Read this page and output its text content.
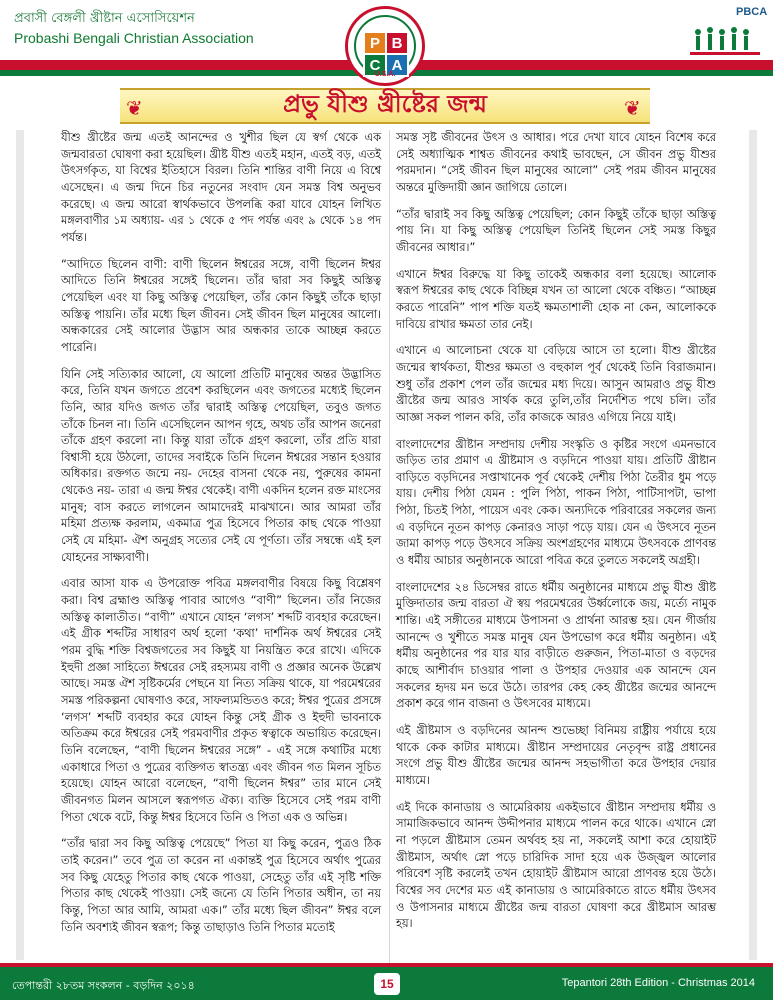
প্রবাসী বেঙ্গলী খ্রীষ্টান এসোসিয়েশন
Probashi Bengali Christian Association
PBCA
P B
C A
U.S.A.
প্রভু যীশু খ্রীষ্টের জন্ম
❦	❦

যীশু খ্রীষ্টের জন্ম এতই আনন্দের ও খুশীর ছিল যে স্বর্গ থেকে এক জন্মবারতা ঘোষণা করা হয়েছিল। খ্রীষ্ট যীশু এতই মহান, এতই বড়, এতই উৎসর্গকৃত, যা বিশ্বের ইতিহাসে বিরল। তিনি শান্তির বাণী নিয়ে এ বিশ্বে এসেছেন। এ জন্ম দিনে চির নতুনের সংবাদ যেন সমস্ত বিশ্ব অনুভব করেছে। এ জন্ম আরো স্বার্থকভাবে উপলব্ধি করা যাবে যোহন লিখিত মঙ্গলবাণীর ১ম অধ্যায়- এর ১ থেকে ৫ পদ পর্যন্ত এবং ৯ থেকে ১৪ পদ পর্যন্ত।

“আদিতে ছিলেন বাণী: বাণী ছিলেন ঈশ্বরের সঙ্গে, বাণী ছিলেন ঈশ্বর আদিতে তিনি ঈশ্বরের সঙ্গেই ছিলেন। তাঁর দ্বারা সব কিছুই অস্তিত্ব পেয়েছিল এবং যা কিছু অস্তিত্ব পেয়েছিল, তাঁর কোন কিছুই তাঁকে ছাড়া অস্তিত্ব পায়নি। তাঁর মধ্যে ছিল জীবন। সেই জীবন ছিল মানুষের আলো। অন্ধকারের সেই আলোর উদ্ভাস আর অন্ধকার তাকে আচ্ছন্ন করতে পারেনি।

যিনি সেই সত্যিকার আলো, যে আলো প্রতিটি মানুষের অন্তর উদ্ভাসিত করে, তিনি যখন জগতে প্রবেশ করছিলেন এবং জগতের মধ্যেই ছিলেন তিনি, আর যদিও জগত তাঁর দ্বারাই অস্তিত্ব পেয়েছিল, তবুও জগত তাঁকে চিনল না। তিনি এসেছিলেন আপন গৃহে, অথচ তাঁর আপন জনেরা তাঁকে গ্রহণ করলো না। কিন্তু যারা তাঁকে গ্রহণ করলো, তাঁর প্রতি যারা বিশ্বাসী হয়ে উঠলো, তাদের সবাইকে তিনি দিলেন ঈশ্বরের সন্তান হওয়ার অধিকার। রক্তগত জন্মে নয়- দেহের বাসনা থেকে নয়, পুরুষের কামনা থেকেও নয়- তারা এ জন্ম ঈশ্বর থেকেই। বাণী একদিন হলেন রক্ত মাংসের মানুষ; বাস করতে লাগলেন আমাদেরই মাঝখানে। আর আমরা তাঁর মহিমা প্রত্যক্ষ করলাম, একমাত্র পুত্র হিসেবে পিতার কাছ থেকে পাওয়া সেই যে মহিমা- ঐশ অনুগ্রহ সত্যের সেই যে পূর্ণতা। তাঁর সম্বন্ধে এই হল যোহনের সাক্ষ্যবাণী।

এবার আসা যাক এ উপরোক্ত পবিত্র মঙ্গলবাণীর বিষয়ে কিছু বিশ্লেষণ করা। বিশ্ব ব্রহ্মাণ্ড অস্তিত্ব পাবার আগেও “বাণী” ছিলেন। তাঁর নিজের অস্তিত্ব কালাতীত। “বাণী” এখানে যোহন ‘লগস’ শব্দটি ব্যবহার করেছেন। এই গ্রীক শব্দটির সাধারণ অর্থ হলো ‘কথা’ দার্শনিক অর্থ ঈশ্বরের সেই পরম বুদ্ধি শক্তি বিশ্বজগতের সব কিছুই যা নিয়ন্ত্রিত করে রাখে। এদিকে ইহুদী প্রজ্ঞা সাহিত্যে ঈশ্বরের সেই রহস্যময় বাণী ও প্রজ্ঞার অনেক উল্লেখ আছে। সমস্ত ঐশ সৃষ্টিকর্মের পেছনে যা নিত্য সক্রিয় থাকে, যা পরমেশ্বরের সমস্ত পরিকল্পনা ঘোষণাও করে, সাফল্যমন্ডিতও করে; ঈশ্বর পুত্রের প্রসঙ্গে ‘লগস’ শব্দটি ব্যবহার করে যোহন কিন্তু সেই গ্রীক ও ইহুদী ভাবনাকে অতিক্রম করে ঈশ্বরের সেই পরমবাণীর প্রকৃত স্বত্বাকে অভায়িত করেছেন। তিনি বলেছেন, “বাণী ছিলেন ঈশ্বরের সঙ্গে” - এই সঙ্গে কথাটির মধ্যে একাধারে পিতা ও পুত্রের ব্যক্তিগত স্বাতন্ত্র্য এবং জীবন গত মিলন সূচিত হয়েছে। যোহন আরো বলেছেন, “বাণী ছিলেন ঈশ্বর” তার মানে সেই জীবনগত মিলন আসলে স্বরূপগত ঐক্য। ব্যক্তি হিসেবে সেই পরম বাণী পিতা থেকে বটে, কিন্তু ঈশ্বর হিসেবে তিনি ও পিতা এক ও অভিন্ন।

“তাঁর দ্বারা সব কিছু অস্তিত্ব পেয়েছে” পিতা যা কিছু করেন, পুত্রও ঠিক তাই করেন।” তবে পুত্র তা করেন না একান্তই পুত্র হিসেবে অর্থাৎ পুত্রের সব কিছু যেহেতু পিতার কাছ থেকে পাওয়া, সেহেতু তাঁর এই সৃষ্টি শক্তি পিতার কাছ থেকেই পাওয়া। সেই জন্যে যে তিনি পিতার অধীন, তা নয় কিন্তু, পিতা আর আমি, আমরা এক।” তাঁর মধ্যে ছিল জীবন” ঈশ্বর বলে তিনি অবশ্যই জীবন স্বরূপ; কিন্তু তাছাড়াও তিনি পিতার মতোই

সমস্ত সৃষ্ট জীবনের উৎস ও আধার। পরে দেখা যাবে যোহন বিশেষ করে সেই অধ্যাত্মিক শাশ্বত জীবনের কথাই ভাবছেন, সে জীবন প্রভু যীশুর পরমদান। “সেই জীবন ছিল মানুষের আলো” সেই পরম জীবন মানুষের অন্তরে মুক্তিদায়ী জ্ঞান জাগিয়ে তোলে।

“তাঁর দ্বারাই সব কিছু অস্তিত্ব পেয়েছিল; কোন কিছুই তাঁকে ছাড়া অস্তিত্ব পায় নি। যা কিছু অস্তিত্ব পেয়েছিল তিনিই ছিলেন সেই সমস্ত কিছুর জীবনের আধার।”

এখানে ঈশ্বর বিরুদ্ধে যা কিছু তাকেই অন্ধকার বলা হয়েছে। আলোক স্বরূপ ঈশ্বরের কাছ থেকে বিচ্ছিন্ন যখন তা আলো থেকে বঞ্চিত। “আচ্ছন্ন করতে পারেনি” পাপ শক্তি যতই ক্ষমতাশালী হোক না কেন, আলোককে দাবিয়ে রাখার ক্ষমতা তার নেই।

এখানে এ আলোচনা থেকে যা বেড়িয়ে আসে তা হলো। যীশু খ্রীষ্টের জন্মের স্বার্থকতা, যীশুর ক্ষমতা ও বহুকাল পূর্ব থেকেই তিনি বিরাজমান। শুধু তাঁর প্রকাশ পেল তাঁর জন্মের মধ্য দিয়ে। আসুন আমরাও প্রভু যীশু খ্রীষ্টের জন্ম আরও সার্থক করে তুলি,তাঁর নির্দেশিত পথে চলি। তাঁর আজ্ঞা সকল পালন করি, তাঁর কাজকে আরও এগিয়ে নিয়ে যাই।

বাংলাদেশের খ্রীষ্টান সম্প্রদায় দেশীয় সংস্কৃতি ও কৃষ্টির সংগে এমনভাবে জড়িত তার প্রমাণ এ খ্রীষ্টমাস ও বড়দিনে পাওয়া যায়। প্রতিটি খ্রীষ্টান বাড়িতে বড়দিনের সপ্তাখানেক পূর্ব থেকেই দেশীয় পিঠা তৈরীর ধুম পড়ে যায়। দেশীয় পিঠা যেমন : পুলি পিঠা, পাকন পিঠা, পাটিসাপটা, ভাপা পিঠা, চিতই পিঠা, পায়েস এবং কেক। অন্যদিকে পরিবারের সকলের জন্য এ বড়দিনে নূতন কাপড় কেনারও সাড়া পড়ে যায়। যেন এ উৎসবে নূতন জামা কাপড় পড়ে উৎসবে সক্রিয় অংশগ্রহণের মাধ্যমে উৎসবকে প্রাণবন্ত ও ধর্মীয় আচার অনুষ্ঠানকে আরো পবিত্র করে তুলতে সকলেই অগ্রহী।

বাংলাদেশের ২৪ ডিসেম্বর রাতে ধর্মীয় অনুষ্ঠানের মাধ্যমে প্রভু যীশু খ্রীষ্ট মুক্তিদাতার জন্ম বারতা ঐ স্বয় পরমেশ্বরের উর্ধ্বলোকে জয়, মর্ত্যে নামুক শান্তি। এই সঙ্গীতের মাধ্যমে উপাসনা ও প্রার্থনা আরম্ভ হয়। যেন গীর্জায় আনন্দে ও খুশীতে সমস্ত মানুষ যেন উপভোগ করে ধর্মীয় অনুষ্ঠান। এই ধর্মীয় অনুষ্ঠানের পর যার যার বাড়ীতে গুরুজন, পিতা-মাতা ও বড়দের কাছে আশীর্বাদ চাওয়ার পালা ও উপহার দেওয়ার এক আনন্দে যেন সকলের হৃদয় মন ভরে উঠে। তারপর কেহ কেহ খ্রীষ্টের জন্মের আনন্দে প্রকাশ করে গান বাজনা ও উৎসবের মাধ্যমে।

এই খ্রীষ্টমাস ও বড়দিনের আনন্দ শুভেচ্ছা বিনিময় রাষ্ট্রীয় পর্যায়ে হয়ে থাকে কেক কাটার মাধ্যমে। খ্রীষ্টান সম্প্রদায়ের নেতৃবৃন্দ রাষ্ট্র প্রধানের সংগে প্রভু যীশু খ্রীষ্টের জন্মের আনন্দ সহভাগীতা করে উপহার দেয়ার মাধ্যমে।

এই দিকে কানাডায় ও আমেরিকায় একইভাবে খ্রীষ্টান সম্প্রদায় ধর্মীয় ও সামাজিকভাবে আনন্দ উদ্দীপনার মাধ্যমে পালন করে থাকে। এখানে স্নো না পড়লে খ্রীষ্টমাস তেমন অর্থবহ হয় না, সকলেই আশা করে হোয়াইট খ্রীষ্টমাস, অর্থাৎ স্নো পড়ে চারিদিক সাদা হয়ে এক উজ্জ্বল আলোর পরিবেশ সৃষ্টি করলেই তখন হোয়াইট খ্রীষ্টমাস আরো প্রাণবন্ত হয়ে উঠে। বিশ্বের সব দেশের মত এই কানাডায় ও আমেরিকাতে রাতে ধর্মীয় উৎসব ও উপাসনার মাধ্যমে খ্রীষ্টের জন্ম বারতা ঘোষণা করে খ্রীষ্টমাস আরম্ভ হয়।

তেপান্তরী ২৮তম সংকলন - বড়দিন ২০১৪	15	Tepantori 28th Edition - Christmas 2014
